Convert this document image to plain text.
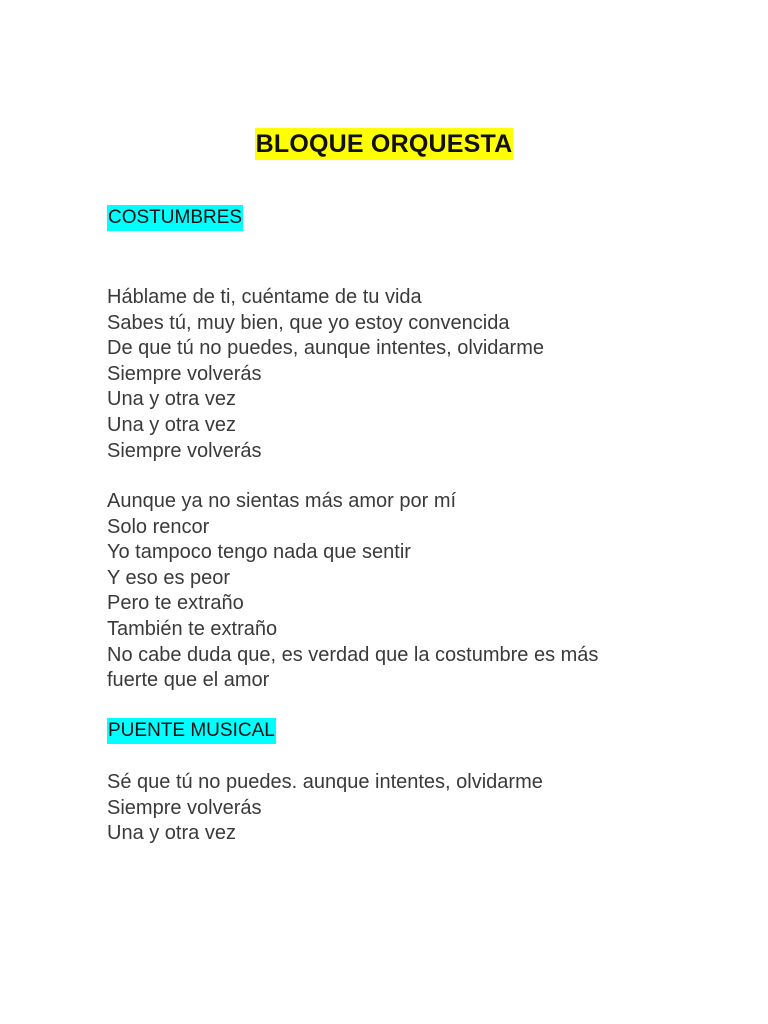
BLOQUE ORQUESTA
COSTUMBRES
Háblame de ti, cuéntame de tu vida
Sabes tú, muy bien, que yo estoy convencida
De que tú no puedes, aunque intentes, olvidarme
Siempre volverás
Una y otra vez
Una y otra vez
Siempre volverás
Aunque ya no sientas más amor por mí
Solo rencor
Yo tampoco tengo nada que sentir
Y eso es peor
Pero te extraño
También te extraño
No cabe duda que, es verdad que la costumbre es más
fuerte que el amor
PUENTE MUSICAL
Sé que tú no puedes. aunque intentes, olvidarme
Siempre volverás
Una y otra vez
